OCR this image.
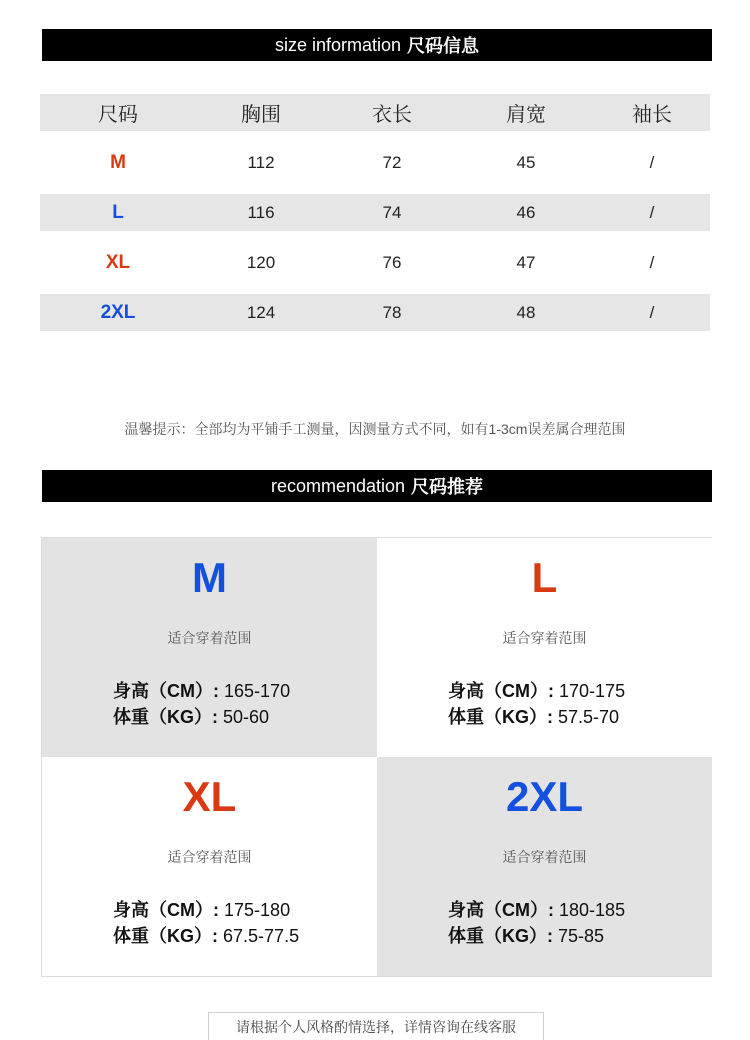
size information 尺码信息
尺码	胸围	衣长	肩宽	袖长
M	112	72	45	/
L	116	74	46	/
XL	120	76	47	/
2XL	124	78	48	/
温馨提示：全部均为平铺手工测量，因测量方式不同，如有1-3cm误差属合理范围
recommendation 尺码推荐
M
适合穿着范围
身高（CM）: 165-170
体重（KG）: 50-60
L
适合穿着范围
身高（CM）: 170-175
体重（KG）: 57.5-70
XL
适合穿着范围
身高（CM）: 175-180
体重（KG）: 67.5-77.5
2XL
适合穿着范围
身高（CM）: 180-185
体重（KG）: 75-85
请根据个人风格酌情选择，详情咨询在线客服
